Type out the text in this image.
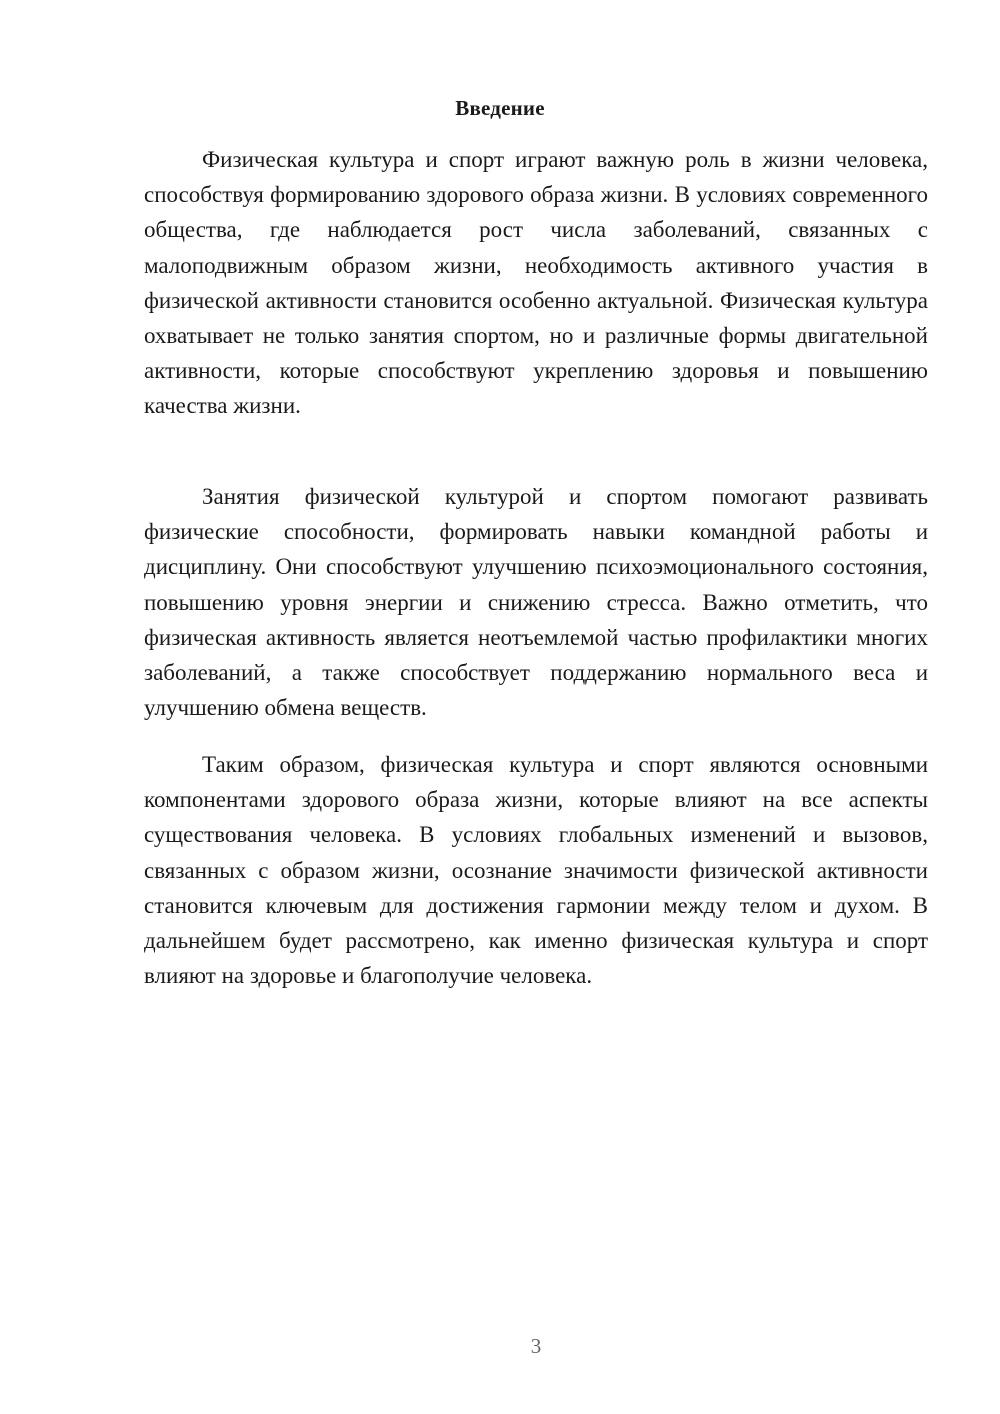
Введение

Физическая культура и спорт играют важную роль в жизни человека, способствуя формированию здорового образа жизни. В условиях современного общества, где наблюдается рост числа заболеваний, связанных с малоподвижным образом жизни, необходимость активного участия в физической активности становится особенно актуальной. Физическая культура охватывает не только занятия спортом, но и различные формы двигательной активности, которые способствуют укреплению здоровья и повышению качества жизни.

Занятия физической культурой и спортом помогают развивать физические способности, формировать навыки командной работы и дисциплину. Они способствуют улучшению психоэмоционального состояния, повышению уровня энергии и снижению стресса. Важно отметить, что физическая активность является неотъемлемой частью профилактики многих заболеваний, а также способствует поддержанию нормального веса и улучшению обмена веществ.

Таким образом, физическая культура и спорт являются основными компонентами здорового образа жизни, которые влияют на все аспекты существования человека. В условиях глобальных изменений и вызовов, связанных с образом жизни, осознание значимости физической активности становится ключевым для достижения гармонии между телом и духом. В дальнейшем будет рассмотрено, как именно физическая культура и спорт влияют на здоровье и благополучие человека.

3
